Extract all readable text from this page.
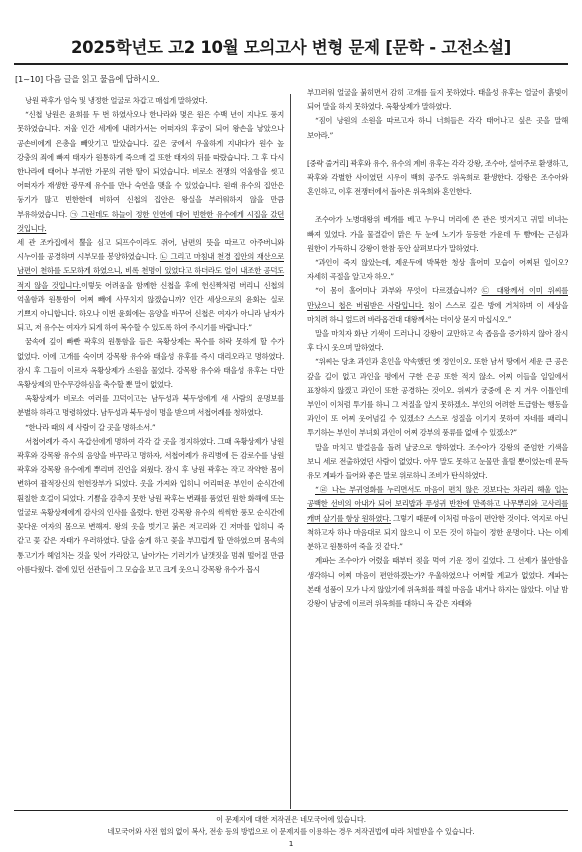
2025학년도 고2 10월 모의고사 변형 문제 [문학 - 고전소설]
[1~10] 다음 글을 읽고 물음에 답하시오.

낭원 곽후가 엄숙 및 냉정한 얼굴로 차갑고 매섭게 말하였다.

“신첩 낭원은 윤희를 두 번 하였사오나 한나라와 몇은 원은 수백 년이 지나도 풍지 못하였습니다. 저울 인간 세계에 내려가서는 어떠자의 후궁이 되어 왕손을 낳았으나 공손비에게 은총을 빼앗기고 말았습니다. 깊은 궁에서 우울하게 지내다가 원수 높 강충의 죄에 빠져 태자가 원통하게 죽으매 걸 또한 태자의 뒤를 따랐습니다. 그 후 다시 한나라에 태어나 부귀한 가문의 귀한 딸이 되었습니다. 비로소 전쟁의 억울함을 씻고 어떠자가 재생한 광무제 유수를 만나 숙연을 맺을 수 있었습니다. 원래 유수의 집안은 둥기가 많고 빈한한데 비하여 신첩의 집안은 왕실을 부러워하지 않을 만큼 부유하였습니다. ㉠ 그런데도 하늘이 정한 인연에 대어 빈한한 유수에게 시집을 갔던 것입니다.

세 관 조카집에서 뿔을 심고 되프수이라도 쥐어, 남편의 뜻을 따르고 아주버니와 시누이를 공경하며 시부모를 봉양하였습니다. ㉡ 그리고 마침내 천경 집안의 재산으로 남편이 천하를 도모하게 하였으니, 비록 천명이 있었다고 하더라도 얼이 내조한 공덕도 적지 않을 것입니다.이렇듯 어려움을 함께한 신첩을 후에 헌신짝처럼 버리니 신첩의 억울함과 원통함이 어찌 빼에 사무치지 않겠습니까? 인간 세상으로의 윤회는 실로 기쁘지 아니합니다. 하오나 이번 윤회에는 음양을 바꾸어 신첩은 여자가 아니라 남자가 되고, 저 유수는 여자가 되게 하여 복수할 수 있도록 하여 주시기를 바랍니다.”

꿈속에 깊이 빠빤 곽후의 원통함을 들은 옥황상제는 복수를 허락 못하게 할 수가 없었다. 이에 고개를 숙이며 강목왕 유수와 태을성 유후를 즉시 대리오라고 명하였다. 잠시 후 그들이 이르자 옥황상제가 소원을 물었다. 강목왕 유수와 태을성 유후는 다만 옥황상제의 만수무강하심을 축수할 뿐 말이 없었다.

옥황상제가 비로소 여러를 끄덕이고는 남두성과 북두성에게 새 사람의 운명보를 분별하 하라고 명령하였다. 남두성과 북두성이 명을 받으며 서첩어례를 청하였다.

“한나라 때의 세 사람이 갈 곳을 명하소서.”

서첩어례가 즉시 옥갑선에게 명하여 각각 갈 곳을 정지하였다. 그때 옥황상제가 낭원 곽후와 강목왕 유수의 음양을 바꾸라고 명하자, 서첩어례가 유리병에 든 감로수를 낭원 곽후와 강목왕 유수에게 뿌리며 진언을 외웠다. 잠시 후 낭원 곽후는 작고 작약한 몸이 변하여 괄적장신의 헌헌장부가 되었다. 옷을 가져와 입히니 어리떠운 부인이 순식간에 훤칠한 호걸이 되었다. 기쁨을 감추지 못한 낭원 곽후는 변쾌를 품었던 원한 화해에 또는 얼굴로 옥황상제에게 감사의 인사를 올렸다. 한편 강목왕 유수의 씩씩한 풍모 순식간에 꽃다운 여자의 몸으로 변해져. 왕의 옷을 벗기고 붉은 저고리와 긴 저마를 입히니 죽 같고 꽃 같은 자태가 우러하였다. 달을 숨게 하고 꽃을 부끄럽게 할 만하였으며 몸속의 통고기가 헤엄치는 것을 잊어 가라앉고, 날아가는 기러기가 날갯짓을 멈춰 떨어질 만큼 아름다웠다. 곁에 있던 선관들이 그 모습을 보고 크게 웃으니 강목왕 유수가 몹시

부끄러워 얼굴을 붉히면서 감히 고개를 들지 못하였다. 태을성 유후는 얼굴이 흙빛이 되어 말을 하지 못하였다. 옥황상제가 말하였다.

“짐이 낭원의 소원을 따르고자 하니 너희들은 각각 태어나고 싶은 곳을 말해 보아라.”

[중략 줄거리] 곽후와 유수, 유수의 계비 유후는 각각 강왕, 조수아, 설여주로 환생하고, 곽후와 각별한 사이였던 시우이 백희 공주도 위옥희로 환생한다. 강왕은 조수아와 혼인하고, 이후 전쟁터에서 돌아온 위옥희와 혼인한다.

조수아가 노병대왕위 베개를 베고 누우니 머리에 쓴 관은 벗겨지고 귀밑 비녀는 빠져 있었다. 가을 물결같이 맑은 두 눈에 노기가 등등한 가운데 두 뺨에는 근심과 원한이 가득하니 강왕이 한참 동안 살펴보다가 말하였다.

“과인이 죽지 않았는데, 제운두에 박복한 청상 홀어미 모습이 어찌된 일이오? 자세히 곡절을 알고자 하오.”

“이 몸이 홀어미나 과부와 무엇이 다르겠습니까? ㉢ 대왕께서 이미 위씨를 만났으니 첩은 버림받은 사람입니다. 침이 스스로 깊은 방에 거처하며 이 세상을 마치려 하니 엎드려 바라옵건대 대왕께서는 더이상 묻지 마십시오.”

말을 마치자 화난 기색이 드러나니 강왕이 교만하고 속 좁음을 증가하지 않아 잠시 후 다시 웃으며 말하였다.

“위씨는 당초 과인과 혼인을 약속했던 옛 정인이오. 또한 남서 땅에서 세운 큰 공은 갚을 길이 없고 과인을 평에서 구한 은공 또한 적지 않소. 어찌 이들을 일일에서 표창하지 않겠고 과인이 또한 공경하는 것이오. 위씨가 궁중에 온 지 겨우 이틀인데 부인이 이처럼 투기를 하니 그 저질을 알지 못하겠소. 부인의 어려한 트급함는 행동을 과인이 또 어찌 웃어넘길 수 있겠소? 스스로 성질을 이기지 못하여 자네를 패리니 투기하는 부인이 부녀회 과인이 어찌 강부의 풍류를 없애 수 있겠소?”

말을 마치고 발걸음을 돌려 날궁으로 향하였다. 조수아가 강왕의 준엄한 기색을 보니 세로 전출하였던 사람이 없었다. 아무 말도 못하고 눈물만 흘릴 뿐이었는데 문득 유모 계파가 들어와 좋은 말로 위로하니 조비가 탄식하였다.

“㉣ 나는 부귀영화를 누리면서도 마음이 편치 않은 것보다는 차라리 헤울 입는 공백한 선비의 아내가 되어 보리밥과 푸성귀 반찬에 만족하고 나무뿌리와 고사리를 캐며 살기를 항상 원하였다. 그렇기 때문에 이처럼 마음이 편안한 것이다. 역지로 아닌 척하고자 하나 마음대로 되지 않으니 이 모든 것이 하늘이 정한 운명이다. 나는 이제 분하고 원통하여 죽을 것 같다.”

계파는 조수아가 어렸을 때부터 젖을 먹여 기운 정이 깊었다. 그 선제가 불안함을 생각하니 어찌 마음이 편안하겠는가? 우울하였으나 어쩌할 계교가 없었다. 계파는 본래 성품이 모가 나지 않았기에 위옥희를 해칠 마음을 내거나 하지는 않았다. 이날 밤 강왕이 남궁에 이르러 위옥희를 대하니 옥 같은 자태와

이 문제지에 대한 저작권은 네모국어에 있습니다.
네모국어와 사전 협의 없이 복사, 전송 등의 방법으로 이 문제지를 이용하는 경우 저작권법에 따라 처벌받을 수 있습니다.
1
